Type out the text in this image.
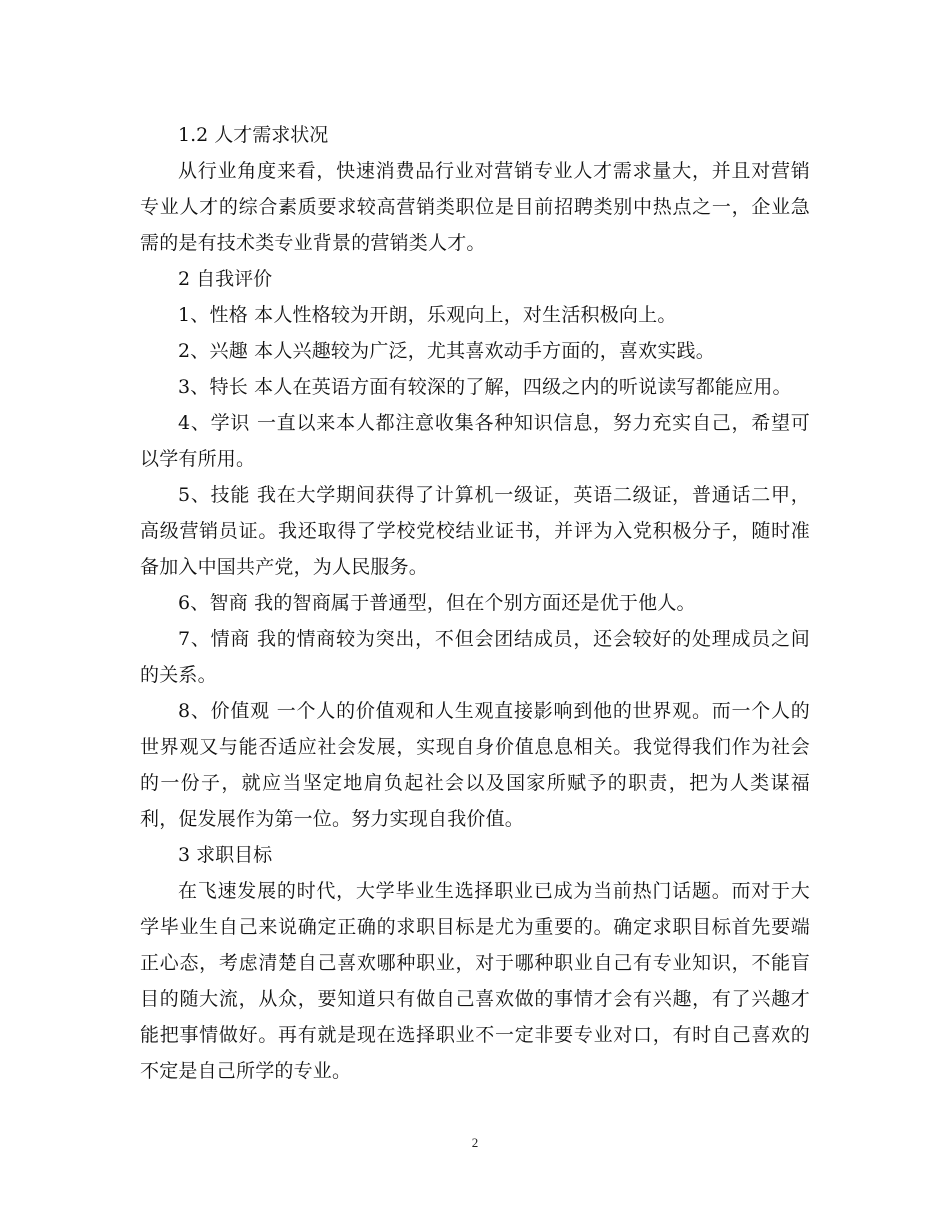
1.2 人才需求状况

从行业角度来看，快速消费品行业对营销专业人才需求量大，并且对营销专业人才的综合素质要求较高营销类职位是目前招聘类别中热点之一，企业急需的是有技术类专业背景的营销类人才。

2 自我评价

1、性格 本人性格较为开朗，乐观向上，对生活积极向上。

2、兴趣 本人兴趣较为广泛，尤其喜欢动手方面的，喜欢实践。

3、特长 本人在英语方面有较深的了解，四级之内的听说读写都能应用。

4、学识 一直以来本人都注意收集各种知识信息，努力充实自己，希望可以学有所用。

5、技能 我在大学期间获得了计算机一级证，英语二级证，普通话二甲，高级营销员证。我还取得了学校党校结业证书，并评为入党积极分子，随时准备加入中国共产党，为人民服务。

6、智商 我的智商属于普通型，但在个别方面还是优于他人。

7、情商 我的情商较为突出，不但会团结成员，还会较好的处理成员之间的关系。

8、价值观 一个人的价值观和人生观直接影响到他的世界观。而一个人的世界观又与能否适应社会发展，实现自身价值息息相关。我觉得我们作为社会的一份子，就应当坚定地肩负起社会以及国家所赋予的职责，把为人类谋福利，促发展作为第一位。努力实现自我价值。

3 求职目标

在飞速发展的时代，大学毕业生选择职业已成为当前热门话题。而对于大学毕业生自己来说确定正确的求职目标是尤为重要的。确定求职目标首先要端正心态，考虑清楚自己喜欢哪种职业，对于哪种职业自己有专业知识，不能盲目的随大流，从众，要知道只有做自己喜欢做的事情才会有兴趣，有了兴趣才能把事情做好。再有就是现在选择职业不一定非要专业对口，有时自己喜欢的不定是自己所学的专业。

2
